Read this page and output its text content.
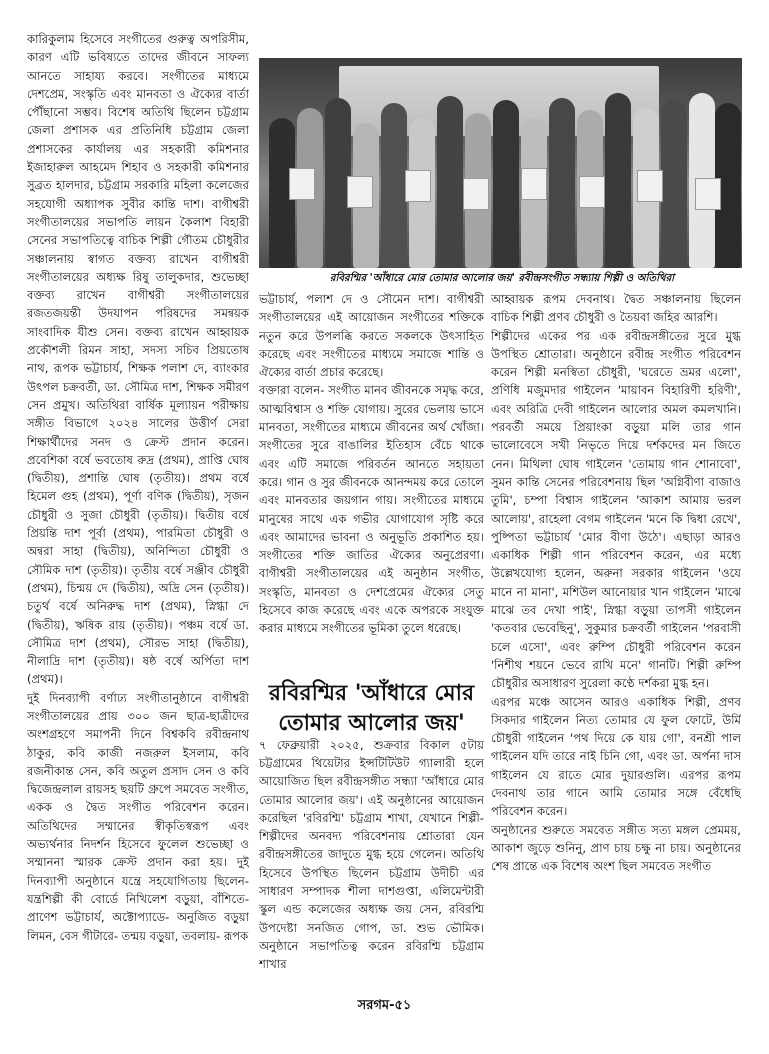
কারিকুলাম হিসেবে সংগীতের গুরুত্ব অপরিসীম, কারণ এটি ভবিষ্যতে তাদের জীবনে সাফল্য আনতে সাহায্য করবে। সংগীতের মাধ্যমে দেশপ্রেম, সংস্কৃতি এবং মানবতা ও ঐক্যের বার্তা পৌঁছানো সম্ভব। বিশেষ অতিথি ছিলেন চট্টগ্রাম জেলা প্রশাসক এর প্রতিনিধি চট্টগ্রাম জেলা প্রশাসকের কার্যালয় এর সহকারী কমিশনার ইজাহারুল আহমেদ শিহাব ও সহকারী কমিশনার সুব্রত হালদার, চট্টগ্রাম সরকারি মহিলা কলেজের সহযোগী অধ্যাপক সুবীর কান্তি দাশ। বাগীশ্বরী সংগীতালয়ের সভাপতি লায়ন কৈলাশ বিহারী সেনের সভাপতিত্বে বাচিক শিল্পী গৌতম চৌধুরীর সঞ্চালনায় স্বাগত বক্তব্য রাখেন বাগীশ্বরী সংগীতালয়ের অধ্যক্ষ রিষু তালুকদার, শুভেচ্ছা বক্তব্য রাখেন বাগীশ্বরী সংগীতালয়ের রজতজয়ন্তী উদযাপন পরিষদের সমন্বয়ক সাংবাদিক যীশু সেন। বক্তব্য রাখেন আহ্বায়ক প্রকৌশলী রিমন সাহা, সদস্য সচিব প্রিয়তোষ নাথ, রূপক ভট্টাচার্য, শিক্ষক পলাশ দে, ব্যাংকার উৎপল চক্রবর্তী, ডা. সৌমিত্র দাশ, শিক্ষক সমীরণ সেন প্রমুখ। অতিথিরা বার্ষিক মূল্যায়ন পরীক্ষায় সঙ্গীত বিভাগে ২০২৪ সালের উত্তীর্ণ সেরা শিক্ষার্থীদের সনদ ও ক্রেস্ট প্রদান করেন। প্রবেশিকা বর্ষে ভবতোষ রুদ্র (প্রথম), প্রাপ্তি ঘোষ (দ্বিতীয়), প্রশান্তি ঘোষ (তৃতীয়)। প্রথম বর্ষে হিমেল গুহ (প্রথম), পূর্ণা বণিক (দ্বিতীয়), সৃজন চৌধুরী ও সুজা চৌধুরী (তৃতীয়)। দ্বিতীয় বর্ষে প্রিয়ন্তি দাশ পূর্বা (প্রথম), পারমিতা চৌধুরী ও অন্বরা সাহা (দ্বিতীয়), অনিন্দিতা চৌধুরী ও সৌমিক দাশ (তৃতীয়)। তৃতীয় বর্ষে সঞ্জীব চৌধুরী (প্রথম), চিন্ময় দে (দ্বিতীয়), অদ্রি সেন (তৃতীয়)। চতুর্থ বর্ষে অনিরুদ্ধ দাশ (প্রথম), স্নিগ্ধা দে (দ্বিতীয়), ঋষিক রায় (তৃতীয়)। পঞ্চম বর্ষে ডা. সৌমিত্র দাশ (প্রথম), সৌরভ সাহা (দ্বিতীয়), নীলাদ্রি দাশ (তৃতীয়)। ষষ্ঠ বর্ষে অর্পিতা দাশ (প্রথম)।

দুই দিনব্যাপী বর্ণাঢ্য সংগীতানুষ্ঠানে বাগীশ্বরী সংগীতালয়ের প্রায় ৩০০ জন ছাত্র-ছাত্রীদের অংশগ্রহণে সমাপনী দিনে বিশ্বকবি রবীন্দ্রনাথ ঠাকুর, কবি কাজী নজরুল ইসলাম, কবি রজনীকান্ত সেন, কবি অতুল প্রসাদ সেন ও কবি দ্বিজেন্দ্রলাল রায়সহ ছয়টি গ্রুপে সমবেত সংগীত, একক ও দ্বৈত সংগীত পরিবেশন করেন। অতিথিদের সম্মানের স্বীকৃতিস্বরূপ এবং অভ্যর্থনার নিদর্শন হিসেবে ফুলেল শুভেচ্ছা ও সম্মাননা স্মারক ক্রেস্ট প্রদান করা হয়। দুই দিনব্যাপী অনুষ্ঠানে যন্ত্রে সহযোগিতায় ছিলেন- যন্ত্রশিল্পী কী বোর্ডে নিখিলেশ বড়ুয়া, বাঁশিতে- প্রাণেশ ভট্টাচার্য, অক্টোপ্যাডে- অনুজিত বড়ুয়া লিমন, বেস গীটারে- তন্ময় বড়ুয়া, তবলায়- রূপক

রবিরশ্মির 'আঁধারে মোর তোমার আলোর জয়' রবীন্দ্রসংগীত সন্ধ্যায় শিল্পী ও অতিথিরা

ভট্টাচার্য, পলাশ দে ও সৌমেন দাশ। বাগীশ্বরী সংগীতালয়ের এই আয়োজন সংগীতের শক্তিকে নতুন করে উপলব্ধি করতে সকলকে উৎসাহিত করেছে এবং সংগীতের মাধ্যমে সমাজে শান্তি ও ঐক্যের বার্তা প্রচার করেছে।

বক্তারা বলেন- সংগীত মানব জীবনকে সমৃদ্ধ করে, আত্মবিশ্বাস ও শক্তি যোগায়। সুরের ভেলায় ভাসে মানবতা, সংগীতের মাধ্যমে জীবনের অর্থ খোঁজা। সংগীতের সুরে বাঙালির ইতিহাস বেঁচে থাকে এবং এটি সমাজে পরিবর্তন আনতে সহায়তা করে। গান ও সুর জীবনকে আনন্দময় করে তোলে এবং মানবতার জয়গান গায়। সংগীতের মাধ্যমে মানুষের সাথে এক গভীর যোগাযোগ সৃষ্টি করে এবং আমাদের ভাবনা ও অনুভূতি প্রকাশিত হয়। সংগীতের শক্তি জাতির ঐক্যের অনুপ্রেরণা। বাগীশ্বরী সংগীতালয়ের এই অনুষ্ঠান সংগীত, সংস্কৃতি, মানবতা ও দেশপ্রেমের ঐক্যের সেতু হিসেবে কাজ করেছে এবং একে অপরকে সংযুক্ত করার মাধ্যমে সংগীতের ভূমিকা তুলে ধরেছে।

৭ ফেব্রুয়ারী ২০২৫, শুক্রবার বিকাল ৫টায় চট্টগ্রামের থিয়েটার ইন্সটিটিউট গ্যালারী হলে আয়োজিত ছিল রবীন্দ্রসঙ্গীত সন্ধ্যা 'আঁধারে মোর তোমার আলোর জয়'। এই অনুষ্ঠানের আয়োজন করেছিল 'রবিরশ্মি' চট্টগ্রাম শাখা, যেখানে শিল্পী-শিল্পীদের অনবদ্য পরিবেশনায় শ্রোতারা যেন রবীন্দ্রসঙ্গীতের জাদুতে মুগ্ধ হয়ে গেলেন। অতিথি হিসেবে উপস্থিত ছিলেন চট্টগ্রাম উদীচী এর সাধারণ সম্পাদক শীলা দাশগুপ্তা, এলিমেন্টারী স্কুল এন্ড কলেজের অধ্যক্ষ জয় সেন, রবিরশ্মি উপদেষ্টা সনজিত গোপ, ডা. শুভ ভৌমিক। অনুষ্ঠানে সভাপতিত্ব করেন রবিরশ্মি চট্টগ্রাম শাখার

রবিরশ্মির 'আঁধারে মোর তোমার আলোর জয়'

আহ্বায়ক রূপম দেবনাথ। দ্বৈত সঞ্চালনায় ছিলেন বাচিক শিল্পী প্রণব চৌধুরী ও তৈয়বা জহির আরশি।

শিল্পীদের একের পর এক রবীন্দ্রসঙ্গীতের সুরে মুগ্ধ উপস্থিত শ্রোতারা। অনুষ্ঠানে রবীন্দ্র সংগীত পরিবেশন করেন শিল্পী মনস্বিতা চৌধুরী, 'ঘরেতে ভ্রমর এলো', প্রণিধি মজুমদার গাইলেন 'মায়াবন বিহারিণী হরিণী', এবং অরিত্রি দেবী গাইলেন আলোর অমল কমলখানি। পরবর্তী সময়ে প্রিয়াংকা বড়ুয়া মলি তার গান ভালোবেসে সখী নিভৃতে দিয়ে দর্শকদের মন জিতে নেন। মিথিলা ঘোষ গাইলেন 'তোমায় গান শোনাবো', সুমন কান্তি সেনের পরিবেশনায় ছিল 'অগ্নিবীণা বাজাও তুমি', চম্পা বিশ্বাস গাইলেন 'আকাশ আমায় ভরল আলোয়', রাহেলা বেগম গাইলেন 'মনে কি দ্বিধা রেখে', পুষ্পিতা ভট্টাচার্য 'মোর বীণা উঠে'। এছাড়া আরও একাধিক শিল্পী গান পরিবেশন করেন, এর মধ্যে উল্লেখযোগ্য হলেন, অরুনা সরকার গাইলেন 'ওযে মানে না মানা', মশিউল আনোয়ার খান গাইলেন 'মাঝে মাঝে তব দেখা পাই', স্নিগ্ধা বড়ুয়া তাপসী গাইলেন 'কতবার ভেবেছিনু', সুকুমার চক্রবর্তী গাইলেন 'পরবাসী চলে এসো', এবং রুম্পি চৌধুরী পরিবেশন করেন 'নিশীথ শয়নে ভেবে রাখি মনে' গানটি। শিল্পী রুম্পি চৌধুরীর অসাধারণ সুরেলা কণ্ঠে দর্শকরা মুগ্ধ হন।

এরপর মঞ্চে আসেন আরও একাধিক শিল্পী, প্রণব সিকদার গাইলেন নিত্য তোমার যে ফুল ফোটে, উর্মি চৌধুরী গাইলেন 'পথ দিয়ে কে যায় গো', বনশ্রী পাল গাইলেন যদি তারে নাই চিনি গো, এবং ডা. অর্পনা দাস গাইলেন যে রাতে মোর দুয়ারগুলি। এরপর রূপম দেবনাথ তার গানে আমি তোমার সঙ্গে বেঁধেছি পরিবেশন করেন।

অনুষ্ঠানের শুরুতে সমবেত সঙ্গীত সত্য মঙ্গল প্রেমময়, আকাশ জুড়ে শুনিনু, প্রাণ চায় চক্ষু না চায়। অনুষ্ঠানের শেষ প্রান্তে এক বিশেষ অংশ ছিল সমবেত সংগীত

সরগম-৫১
